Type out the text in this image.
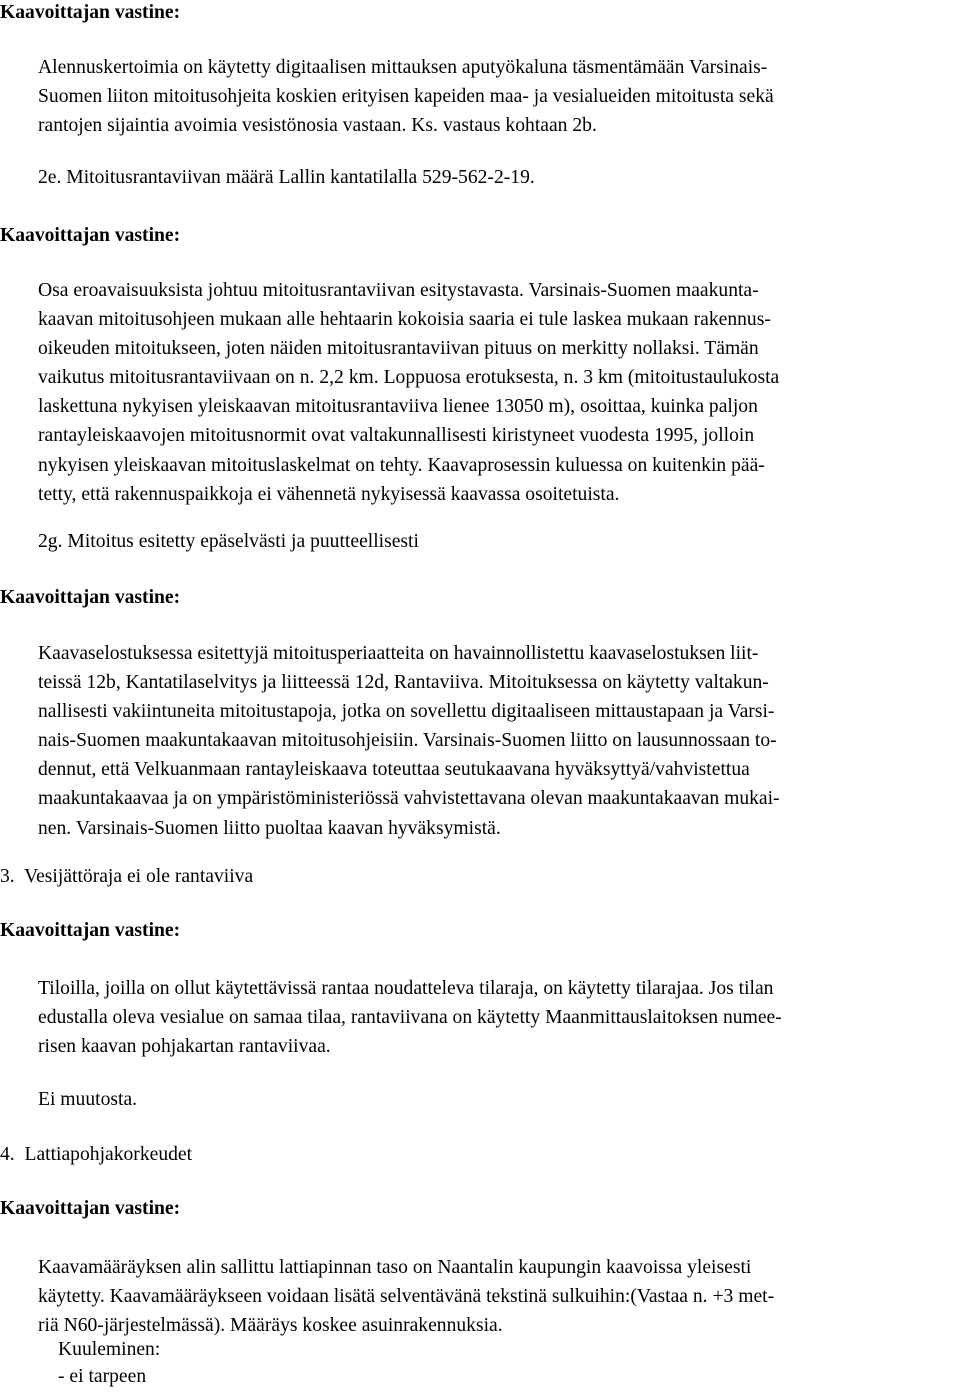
Kaavoittajan vastine:
Alennuskertoimia on käytetty digitaalisen mittauksen aputyökaluna täsmentämään Varsinais-
Suomen liiton mitoitusohjeita koskien erityisen kapeiden maa- ja vesialueiden mitoitusta sekä
rantojen sijaintia avoimia vesistönosia vastaan. Ks. vastaus kohtaan 2b.
2e. Mitoitusrantaviivan määrä Lallin kantatilalla 529-562-2-19.
Kaavoittajan vastine:
Osa eroavaisuuksista johtuu mitoitusrantaviivan esitystavasta. Varsinais-Suomen maakunta-
kaavan mitoitusohjeen mukaan alle hehtaarin kokoisia saaria ei tule laskea mukaan rakennus-
oikeuden mitoitukseen, joten näiden mitoitusrantaviivan pituus on merkitty nollaksi. Tämän
vaikutus mitoitusrantaviivaan on n. 2,2 km. Loppuosa erotuksesta, n. 3 km (mitoitustaulukosta
laskettuna nykyisen yleiskaavan mitoitusrantaviiva lienee 13050 m), osoittaa, kuinka paljon
rantayleiskaavojen mitoitusnormit ovat valtakunnallisesti kiristyneet vuodesta 1995, jolloin
nykyisen yleiskaavan mitoituslaskelmat on tehty. Kaavaprosessin kuluessa on kuitenkin pää-
tetty, että rakennuspaikkoja ei vähennetä nykyisessä kaavassa osoitetuista.
2g. Mitoitus esitetty epäselvästi ja puutteellisesti
Kaavoittajan vastine:
Kaavaselostuksessa esitettyjä mitoitusperiaatteita on havainnollistettu kaavaselostuksen liit-
teissä 12b, Kantatilaselvitys ja liitteessä 12d, Rantaviiva. Mitoituksessa on käytetty valtakun-
nallisesti vakiintuneita mitoitustapoja, jotka on sovellettu digitaaliseen mittaustapaan ja Varsi-
nais-Suomen maakuntakaavan mitoitusohjeisiin. Varsinais-Suomen liitto on lausunnossaan to-
dennut, että Velkuanmaan rantayleiskaava toteuttaa seutukaavana hyväksyttyä/vahvistettua
maakuntakaavaa ja on ympäristöministeriössä vahvistettavana olevan maakuntakaavan mukai-
nen. Varsinais-Suomen liitto puoltaa kaavan hyväksymistä.
3.  Vesijättöraja ei ole rantaviiva
Kaavoittajan vastine:
Tiloilla, joilla on ollut käytettävissä rantaa noudatteleva tilaraja, on käytetty tilarajaa. Jos tilan
edustalla oleva vesialue on samaa tilaa, rantaviivana on käytetty Maanmittauslaitoksen numee-
risen kaavan pohjakartan rantaviivaa.
Ei muutosta.
4.  Lattiapohjakorkeudet
Kaavoittajan vastine:
Kaavamääräyksen alin sallittu lattiapinnan taso on Naantalin kaupungin kaavoissa yleisesti
käytetty. Kaavamääräykseen voidaan lisätä selventävänä tekstinä sulkuihin:(Vastaa n. +3 met-
riä N60-järjestelmässä). Määräys koskee asuinrakennuksia.
Kuuleminen:
- ei tarpeen
